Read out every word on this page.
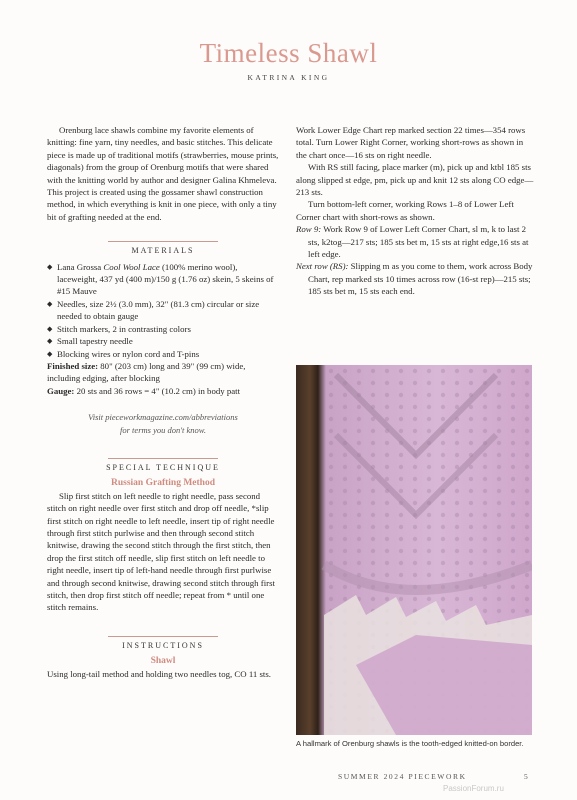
Timeless Shawl
KATRINA KING

Orenburg lace shawls combine my favorite elements of knitting: fine yarn, tiny needles, and basic stitches. This delicate piece is made up of traditional motifs (strawberries, mouse prints, diagonals) from the group of Orenburg motifs that were shared with the knitting world by author and designer Galina Khmeleva. This project is created using the gossamer shawl construction method, in which everything is knit in one piece, with only a tiny bit of grafting needed at the end.

MATERIALS
◆ Lana Grossa Cool Wool Lace (100% merino wool), laceweight, 437 yd (400 m)/150 g (1.76 oz) skein, 5 skeins of #15 Mauve
◆ Needles, size 2½ (3.0 mm), 32" (81.3 cm) circular or size needed to obtain gauge
◆ Stitch markers, 2 in contrasting colors
◆ Small tapestry needle
◆ Blocking wires or nylon cord and T-pins

Finished size: 80" (203 cm) long and 39" (99 cm) wide, including edging, after blocking

Gauge: 20 sts and 36 rows = 4" (10.2 cm) in body patt

Visit pieceworkmagazine.com/abbreviations
for terms you don't know.
SPECIAL TECHNIQUE
Russian Grafting Method

Slip first stitch on left needle to right needle, pass second stitch on right needle over first stitch and drop off needle, *slip first stitch on right needle to left needle, insert tip of right needle through first stitch purlwise and then through second stitch knitwise, drawing the second stitch through the first stitch, then drop the first stitch off needle, slip first stitch on left needle to right needle, insert tip of left-hand needle through first purlwise and through second knitwise, drawing second stitch through first stitch, then drop first stitch off needle; repeat from * until one stitch remains.

INSTRUCTIONS
Shawl

Using long-tail method and holding two needles tog, CO 11 sts.

Work Lower Edge Chart rep marked section 22 times—354 rows total. Turn Lower Right Corner, working short-rows as shown in the chart once—16 sts on right needle.

With RS still facing, place marker (m), pick up and ktbl 185 sts along slipped st edge, pm, pick up and knit 12 sts along CO edge—213 sts.

Turn bottom-left corner, working Rows 1–8 of Lower Left Corner chart with short-rows as shown.

Row 9: Work Row 9 of Lower Left Corner Chart, sl m, k to last 2 sts, k2tog—217 sts; 185 sts bet m, 15 sts at right edge,16 sts at left edge.

Next row (RS): Slipping m as you come to them, work across Body Chart, rep marked sts 10 times across row (16-st rep)—215 sts; 185 sts bet m, 15 sts each end.

A hallmark of Orenburg shawls is the tooth-edged knitted-on border.
SUMMER 2024 PIECEWORK	5
PassionForum.ru
